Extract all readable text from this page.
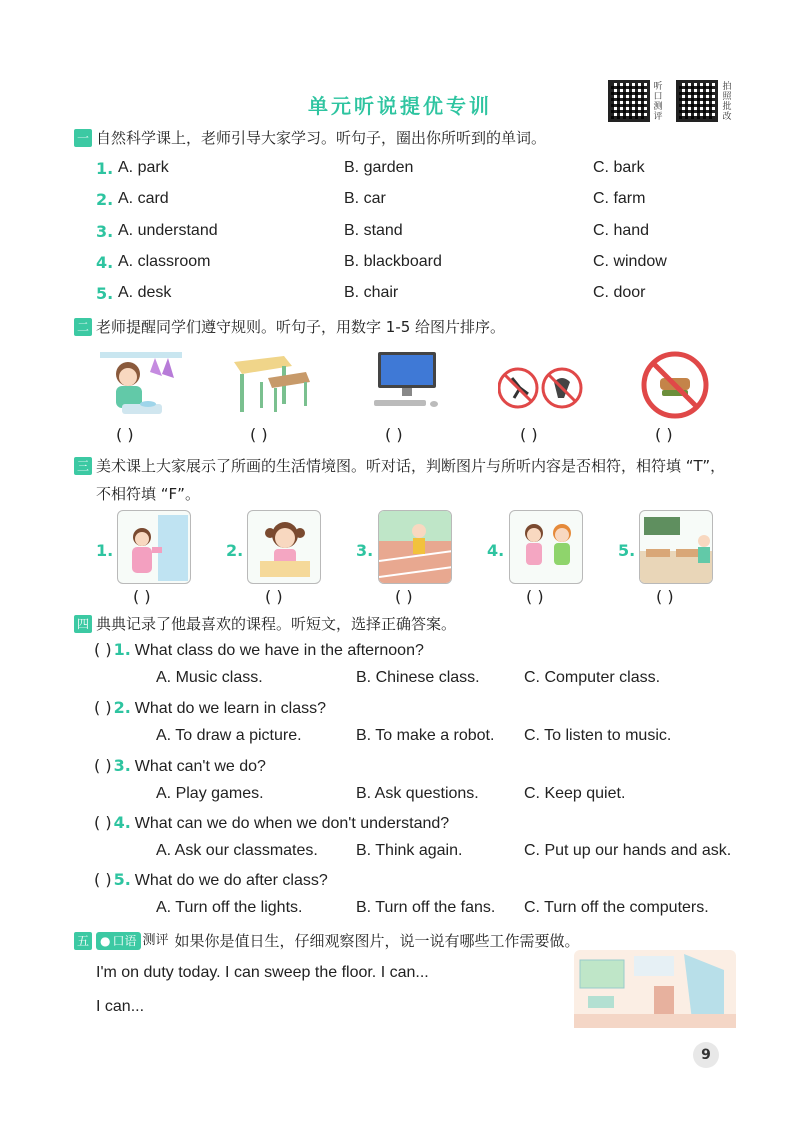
单元听说提优专训
听口测评
拍照批改
一 自然科学课上，老师引导大家学习。听句子，圈出你所听到的单词。
1. A. park	B. garden	C. bark
2. A. card	B. car	C. farm
3. A. understand	B. stand	C. hand
4. A. classroom	B. blackboard	C. window
5. A. desk	B. chair	C. door
二 老师提醒同学们遵守规则。听句子，用数字 1-5 给图片排序。
( )	( )	( )	( )	( )
三 美术课上大家展示了所画的生活情境图。听对话，判断图片与所听内容是否相符，相符填 “T”，
不相符填 “F”。
1.	2.	3.	4.	5.
( )	( )	( )	( )	( )
四 典典记录了他最喜欢的课程。听短文，选择正确答案。
( ) 1. What class do we have in the afternoon?
A. Music class.	B. Chinese class.	C. Computer class.
( ) 2. What do we learn in class?
A. To draw a picture.	B. To make a robot. C. To listen to music.
( ) 3. What can't we do?
A. Play games.	B. Ask questions.	C. Keep quiet.
( ) 4. What can we do when we don't understand?
A. Ask our classmates. B. Think again.	C. Put up our hands and ask.
( ) 5. What do we do after class?
A. Turn off the lights.	B. Turn off the fans. C. Turn off the computers.
五 ● 口语 测评 如果你是值日生，仔细观察图片，说一说有哪些工作需要做。
I'm on duty today. I can sweep the floor. I can...
I can...
9
